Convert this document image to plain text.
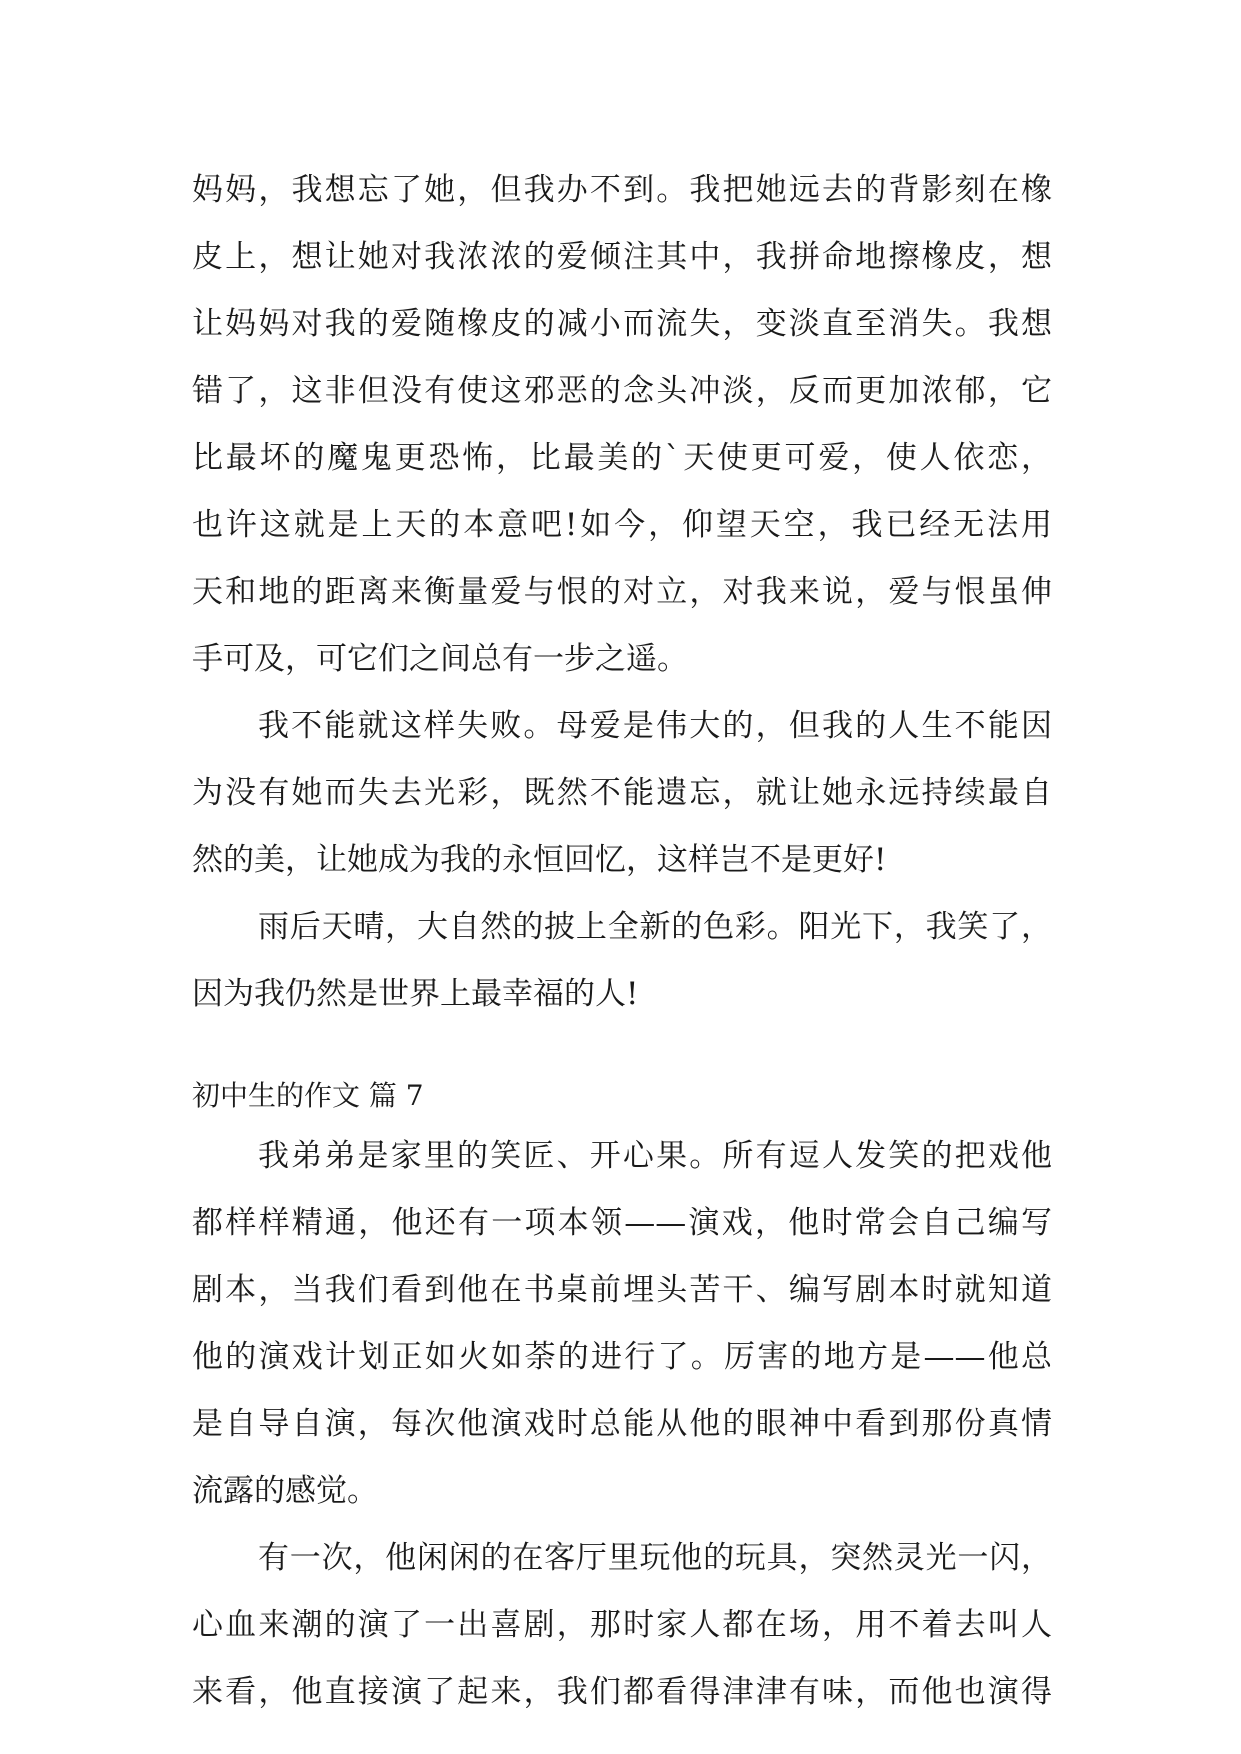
妈妈，我想忘了她，但我办不到。我把她远去的背影刻在橡
皮上，想让她对我浓浓的爱倾注其中，我拼命地擦橡皮，想
让妈妈对我的爱随橡皮的减小而流失，变淡直至消失。我想
错了，这非但没有使这邪恶的念头冲淡，反而更加浓郁，它
比最坏的魔鬼更恐怖，比最美的`天使更可爱，使人依恋，
也许这就是上天的本意吧!如今，仰望天空，我已经无法用
天和地的距离来衡量爱与恨的对立，对我来说，爱与恨虽伸
手可及，可它们之间总有一步之遥。
我不能就这样失败。母爱是伟大的，但我的人生不能因
为没有她而失去光彩，既然不能遗忘，就让她永远持续最自
然的美，让她成为我的永恒回忆，这样岂不是更好!
雨后天晴，大自然的披上全新的色彩。阳光下，我笑了，
因为我仍然是世界上最幸福的人!
初中生的作文 篇 7
我弟弟是家里的笑匠、开心果。所有逗人发笑的把戏他
都样样精通，他还有一项本领——演戏，他时常会自己编写
剧本，当我们看到他在书桌前埋头苦干、编写剧本时就知道
他的演戏计划正如火如荼的进行了。厉害的地方是——他总
是自导自演，每次他演戏时总能从他的眼神中看到那份真情
流露的感觉。
有一次，他闲闲的在客厅里玩他的玩具，突然灵光一闪，
心血来潮的演了一出喜剧，那时家人都在场，用不着去叫人
来看，他直接演了起来，我们都看得津津有味，而他也演得
